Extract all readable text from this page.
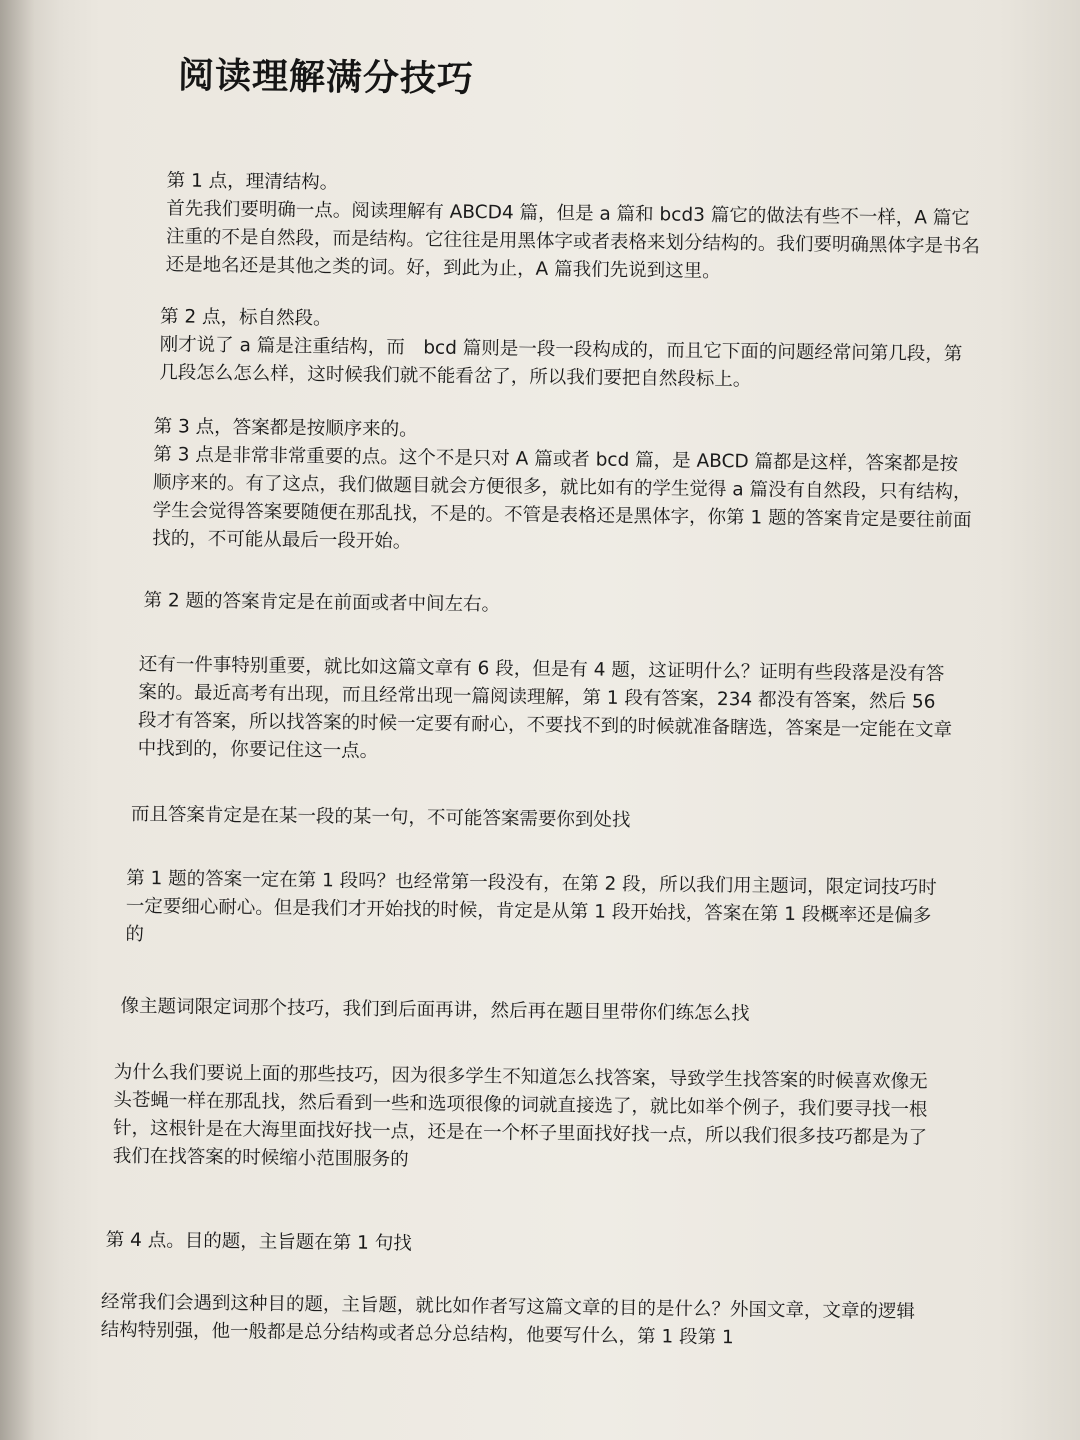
阅读理解满分技巧

第 1 点，理清结构。

首先我们要明确一点。阅读理解有 ABCD4 篇，但是 a 篇和 bcd3 篇它的做法有些不一样，A 篇它注重的不是自然段，而是结构。它往往是用黑体字或者表格来划分结构的。我们要明确黑体字是书名还是地名还是其他之类的词。好，到此为止，A 篇我们先说到这里。

第 2 点，标自然段。

刚才说了 a 篇是注重结构，而　bcd 篇则是一段一段构成的，而且它下面的问题经常问第几段，第几段怎么怎么样，这时候我们就不能看岔了，所以我们要把自然段标上。

第 3 点，答案都是按顺序来的。

第 3 点是非常非常重要的点。这个不是只对 A 篇或者 bcd 篇，是 ABCD 篇都是这样，答案都是按顺序来的。有了这点，我们做题目就会方便很多，就比如有的学生觉得 a 篇没有自然段，只有结构，学生会觉得答案要随便在那乱找，不是的。不管是表格还是黑体字，你第 1 题的答案肯定是要往前面找的，不可能从最后一段开始。

第 2 题的答案肯定是在前面或者中间左右。

还有一件事特别重要，就比如这篇文章有 6 段，但是有 4 题，这证明什么？证明有些段落是没有答案的。最近高考有出现，而且经常出现一篇阅读理解，第 1 段有答案，234 都没有答案，然后 56 段才有答案，所以找答案的时候一定要有耐心，不要找不到的时候就准备瞎选，答案是一定能在文章中找到的，你要记住这一点。

而且答案肯定是在某一段的某一句，不可能答案需要你到处找

第 1 题的答案一定在第 1 段吗？也经常第一段没有，在第 2 段，所以我们用主题词，限定词技巧时一定要细心耐心。但是我们才开始找的时候，肯定是从第 1 段开始找，答案在第 1 段概率还是偏多的

像主题词限定词那个技巧，我们到后面再讲，然后再在题目里带你们练怎么找

为什么我们要说上面的那些技巧，因为很多学生不知道怎么找答案，导致学生找答案的时候喜欢像无头苍蝇一样在那乱找，然后看到一些和选项很像的词就直接选了，就比如举个例子，我们要寻找一根针，这根针是在大海里面找好找一点，还是在一个杯子里面找好找一点，所以我们很多技巧都是为了我们在找答案的时候缩小范围服务的

第 4 点。目的题，主旨题在第 1 句找

经常我们会遇到这种目的题，主旨题，就比如作者写这篇文章的目的是什么？外国文章，文章的逻辑结构特别强，他一般都是总分结构或者总分总结构，他要写什么，第 1 段第 1
